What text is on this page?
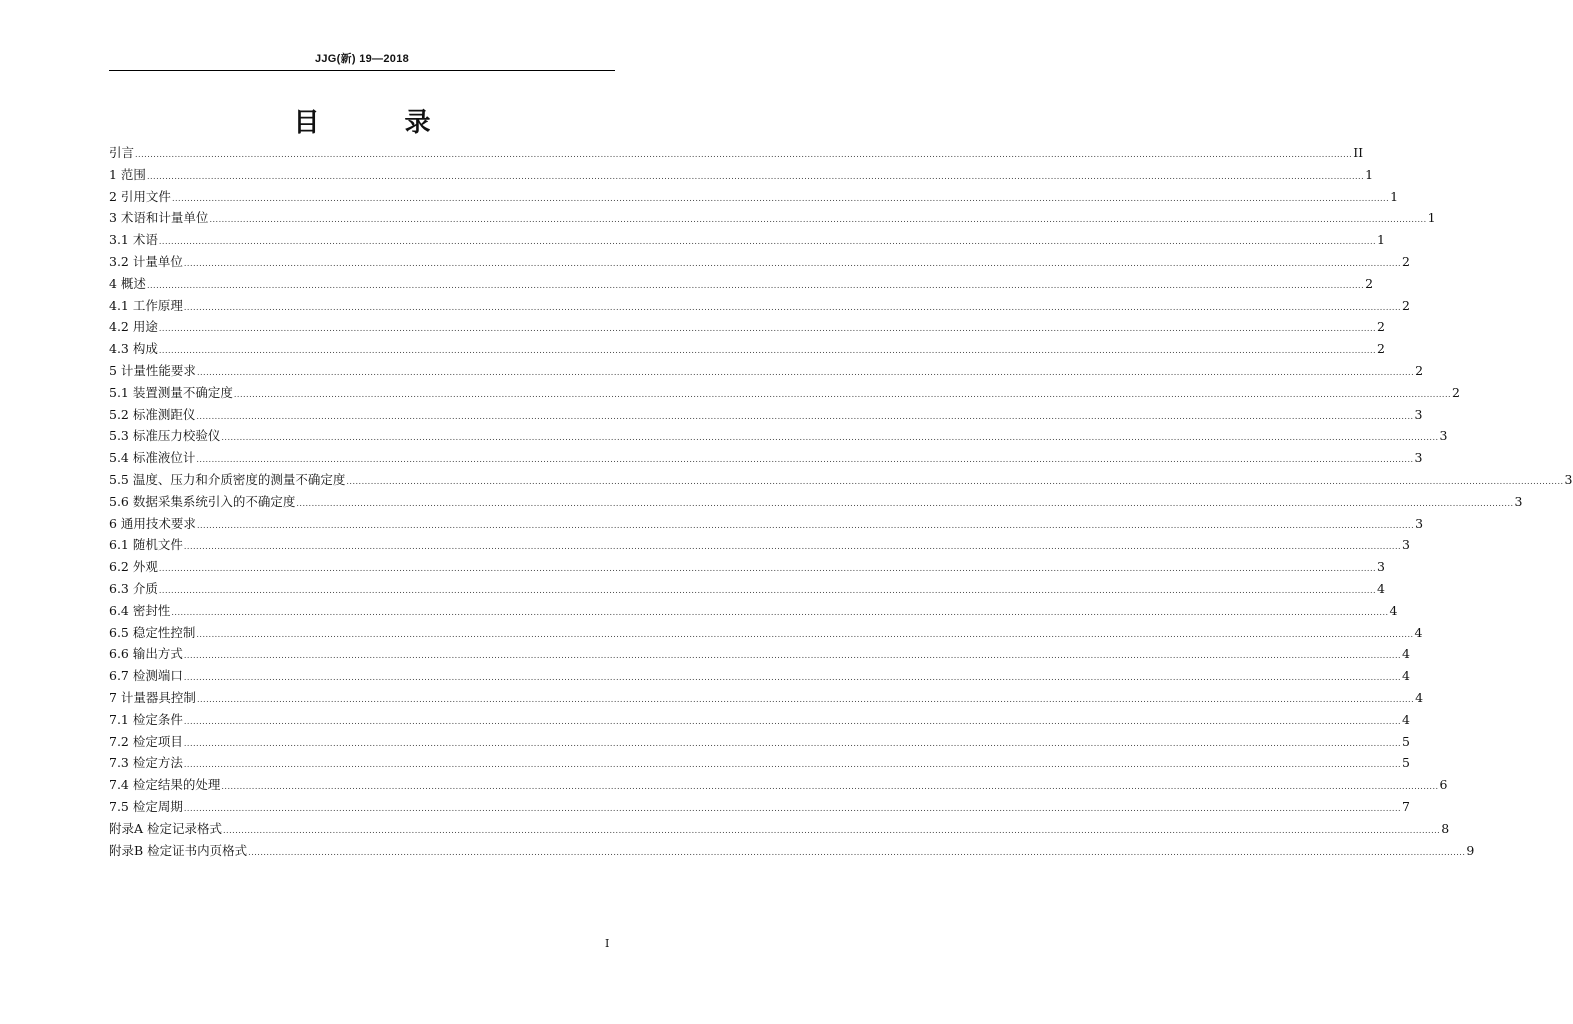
JJG(新) 19—2018
目 录
引言 ................................................................................................................................................................................................................................................................................................................................................................................................................ II
1 范围 ................................................................................................................................................................................................................................................................................................................................................................................................................ 1
2 引用文件 ................................................................................................................................................................................................................................................................................................................................................................................................................ 1
3 术语和计量单位 ................................................................................................................................................................................................................................................................................................................................................................................................................ 1
3.1 术语 ................................................................................................................................................................................................................................................................................................................................................................................................................ 1
3.2 计量单位 ................................................................................................................................................................................................................................................................................................................................................................................................................ 2
4 概述 ................................................................................................................................................................................................................................................................................................................................................................................................................ 2
4.1 工作原理 ................................................................................................................................................................................................................................................................................................................................................................................................................ 2
4.2 用途 ................................................................................................................................................................................................................................................................................................................................................................................................................ 2
4.3 构成 ................................................................................................................................................................................................................................................................................................................................................................................................................ 2
5 计量性能要求 ................................................................................................................................................................................................................................................................................................................................................................................................................ 2
5.1 装置测量不确定度 ................................................................................................................................................................................................................................................................................................................................................................................................................ 2
5.2 标准测距仪 ................................................................................................................................................................................................................................................................................................................................................................................................................ 3
5.3 标准压力校验仪 ................................................................................................................................................................................................................................................................................................................................................................................................................ 3
5.4 标准液位计 ................................................................................................................................................................................................................................................................................................................................................................................................................ 3
5.5 温度、压力和介质密度的测量不确定度 ................................................................................................................................................................................................................................................................................................................................................................................................................ 3
5.6 数据采集系统引入的不确定度 ................................................................................................................................................................................................................................................................................................................................................................................................................ 3
6 通用技术要求 ................................................................................................................................................................................................................................................................................................................................................................................................................ 3
6.1 随机文件 ................................................................................................................................................................................................................................................................................................................................................................................................................ 3
6.2 外观 ................................................................................................................................................................................................................................................................................................................................................................................................................ 3
6.3 介质 ................................................................................................................................................................................................................................................................................................................................................................................................................ 4
6.4 密封性 ................................................................................................................................................................................................................................................................................................................................................................................................................ 4
6.5 稳定性控制 ................................................................................................................................................................................................................................................................................................................................................................................................................ 4
6.6 输出方式 ................................................................................................................................................................................................................................................................................................................................................................................................................ 4
6.7 检测端口 ................................................................................................................................................................................................................................................................................................................................................................................................................ 4
7 计量器具控制 ................................................................................................................................................................................................................................................................................................................................................................................................................ 4
7.1 检定条件 ................................................................................................................................................................................................................................................................................................................................................................................................................ 4
7.2 检定项目 ................................................................................................................................................................................................................................................................................................................................................................................................................ 5
7.3 检定方法 ................................................................................................................................................................................................................................................................................................................................................................................................................ 5
7.4 检定结果的处理 ................................................................................................................................................................................................................................................................................................................................................................................................................ 6
7.5 检定周期 ................................................................................................................................................................................................................................................................................................................................................................................................................ 7
附录A 检定记录格式 ................................................................................................................................................................................................................................................................................................................................................................................................................ 8
附录B 检定证书内页格式 ................................................................................................................................................................................................................................................................................................................................................................................................................ 9
I
